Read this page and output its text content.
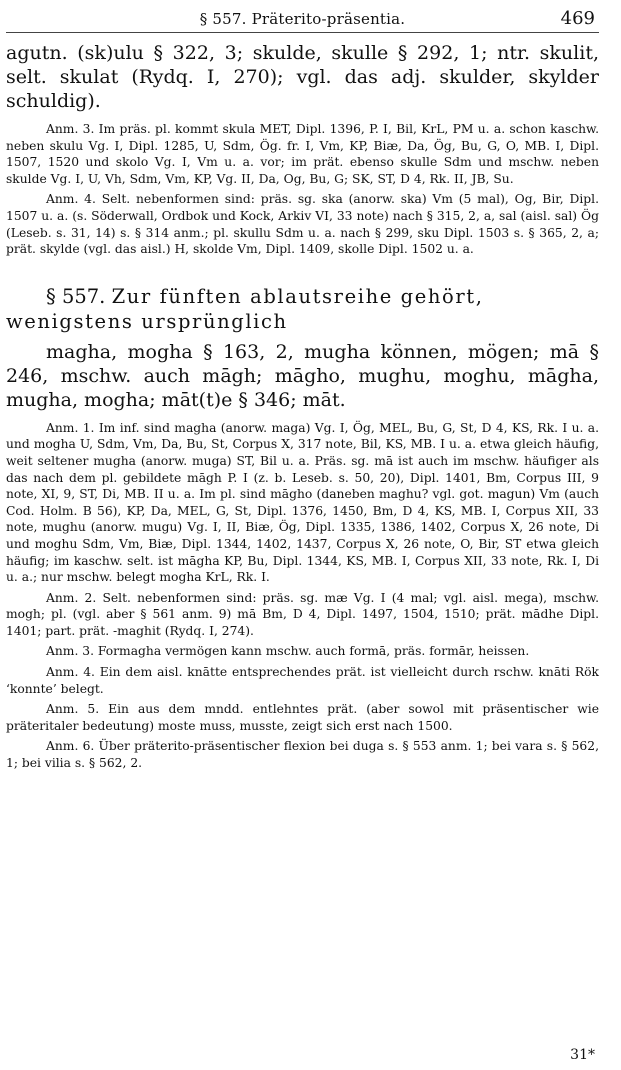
§ 557. Präterito-präsentia.	469

agutn. (sk)ulu § 322, 3; skulde, skulle § 292, 1; ntr. skulit, selt. skulat (Rydq. I, 270); vgl. das adj. skulder, skylder schuldig).

Anm. 3. Im präs. pl. kommt skula MET, Dipl. 1396, P. I, Bil, KrL, PM u. a. schon kaschw. neben skulu Vg. I, Dipl. 1285, U, Sdm, Ög. fr. I, Vm, KP, Biæ, Da, Ög, Bu, G, O, MB. I, Dipl. 1507, 1520 und skolo Vg. I, Vm u. a. vor; im prät. ebenso skulle Sdm und mschw. neben skulde Vg. I, U, Vh, Sdm, Vm, KP, Vg. II, Da, Og, Bu, G; SK, ST, D 4, Rk. II, JB, Su.

Anm. 4. Selt. nebenformen sind: präs. sg. ska (anorw. ska) Vm (5 mal), Og, Bir, Dipl. 1507 u. a. (s. Söderwall, Ordbok und Kock, Arkiv VI, 33 note) nach § 315, 2, a, sal (aisl. sal) Ög (Leseb. s. 31, 14) s. § 314 anm.; pl. skullu Sdm u. a. nach § 299, sku Dipl. 1503 s. § 365, 2, a; prät. skylde (vgl. das aisl.) H, skolde Vm, Dipl. 1409, skolle Dipl. 1502 u. a.

§ 557. Zur fünften ablautsreihe gehört, wenigstens ursprünglich

magha, mogha § 163, 2, mugha können, mögen; mā § 246, mschw. auch māgh; māgho, mughu, moghu, māgha, mugha, mogha; māt(t)e § 346; māt.

Anm. 1. Im inf. sind magha (anorw. maga) Vg. I, Ög, MEL, Bu, G, St, D 4, KS, Rk. I u. a. und mogha U, Sdm, Vm, Da, Bu, St, Corpus X, 317 note, Bil, KS, MB. I u. a. etwa gleich häufig, weit seltener mugha (anorw. muga) ST, Bil u. a. Präs. sg. mā ist auch im mschw. häufiger als das nach dem pl. gebildete māgh P. I (z. b. Leseb. s. 50, 20), Dipl. 1401, Bm, Corpus III, 9 note, XI, 9, ST, Di, MB. II u. a. Im pl. sind māgho (daneben maghu? vgl. got. magun) Vm (auch Cod. Holm. B 56), KP, Da, MEL, G, St, Dipl. 1376, 1450, Bm, D 4, KS, MB. I, Corpus XII, 33 note, mughu (anorw. mugu) Vg. I, II, Biæ, Ög, Dipl. 1335, 1386, 1402, Corpus X, 26 note, Di und moghu Sdm, Vm, Biæ, Dipl. 1344, 1402, 1437, Corpus X, 26 note, O, Bir, ST etwa gleich häufig; im kaschw. selt. ist māgha KP, Bu, Dipl. 1344, KS, MB. I, Corpus XII, 33 note, Rk. I, Di u. a.; nur mschw. belegt mogha KrL, Rk. I.

Anm. 2. Selt. nebenformen sind: präs. sg. mæ Vg. I (4 mal; vgl. aisl. mega), mschw. mogh; pl. (vgl. aber § 561 anm. 9) mā Bm, D 4, Dipl. 1497, 1504, 1510; prät. mādhe Dipl. 1401; part. prät. -maghit (Rydq. I, 274).

Anm. 3. Formagha vermögen kann mschw. auch formā, präs. formār, heissen.

Anm. 4. Ein dem aisl. knātte entsprechendes prät. ist vielleicht durch rschw. knāti Rök ‘konnte’ belegt.

Anm. 5. Ein aus dem mndd. entlehntes prät. (aber sowol mit präsentischer wie präteritaler bedeutung) moste muss, musste, zeigt sich erst nach 1500.

Anm. 6. Über präterito-präsentischer flexion bei duga s. § 553 anm. 1; bei vara s. § 562, 1; bei vilia s. § 562, 2.

31*
